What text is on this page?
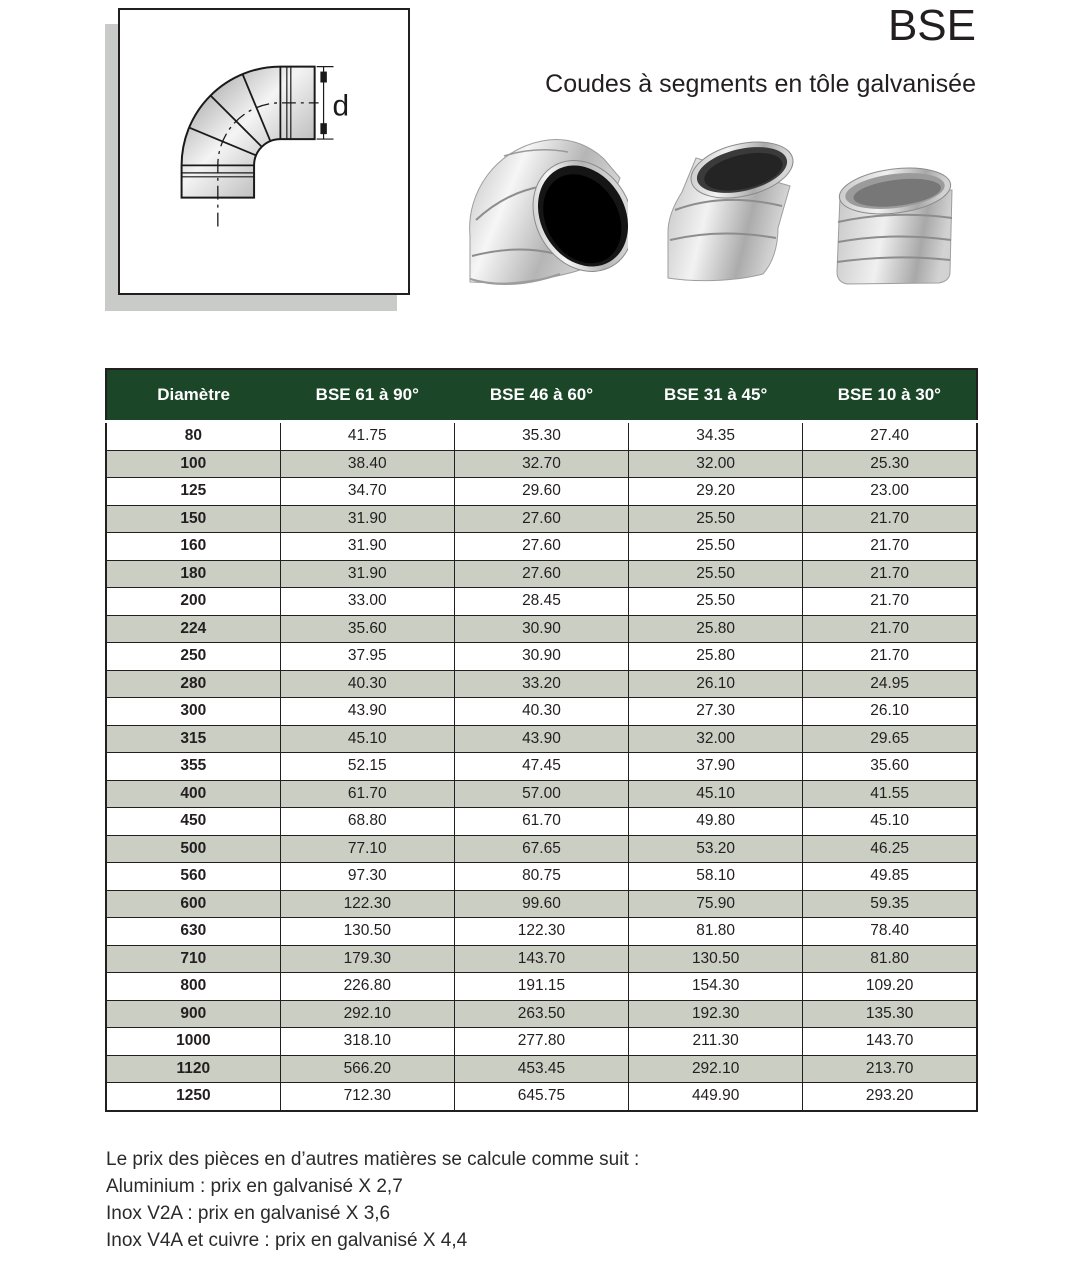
d
BSE
Coudes à segments en tôle galvanisée
Diamètre	BSE 61 à 90°	BSE 46 à 60°	BSE 31 à 45°	BSE 10 à 30°
80	41.75	35.30	34.35	27.40
100	38.40	32.70	32.00	25.30
125	34.70	29.60	29.20	23.00
150	31.90	27.60	25.50	21.70
160	31.90	27.60	25.50	21.70
180	31.90	27.60	25.50	21.70
200	33.00	28.45	25.50	21.70
224	35.60	30.90	25.80	21.70
250	37.95	30.90	25.80	21.70
280	40.30	33.20	26.10	24.95
300	43.90	40.30	27.30	26.10
315	45.10	43.90	32.00	29.65
355	52.15	47.45	37.90	35.60
400	61.70	57.00	45.10	41.55
450	68.80	61.70	49.80	45.10
500	77.10	67.65	53.20	46.25
560	97.30	80.75	58.10	49.85
600	122.30	99.60	75.90	59.35
630	130.50	122.30	81.80	78.40
710	179.30	143.70	130.50	81.80
800	226.80	191.15	154.30	109.20
900	292.10	263.50	192.30	135.30
1000	318.10	277.80	211.30	143.70
1120	566.20	453.45	292.10	213.70
1250	712.30	645.75	449.90	293.20

Le prix des pièces en d’autres matières se calcule comme suit :

Aluminium : prix en galvanisé X 2,7

Inox V2A : prix en galvanisé X 3,6

Inox V4A et cuivre : prix en galvanisé X 4,4
